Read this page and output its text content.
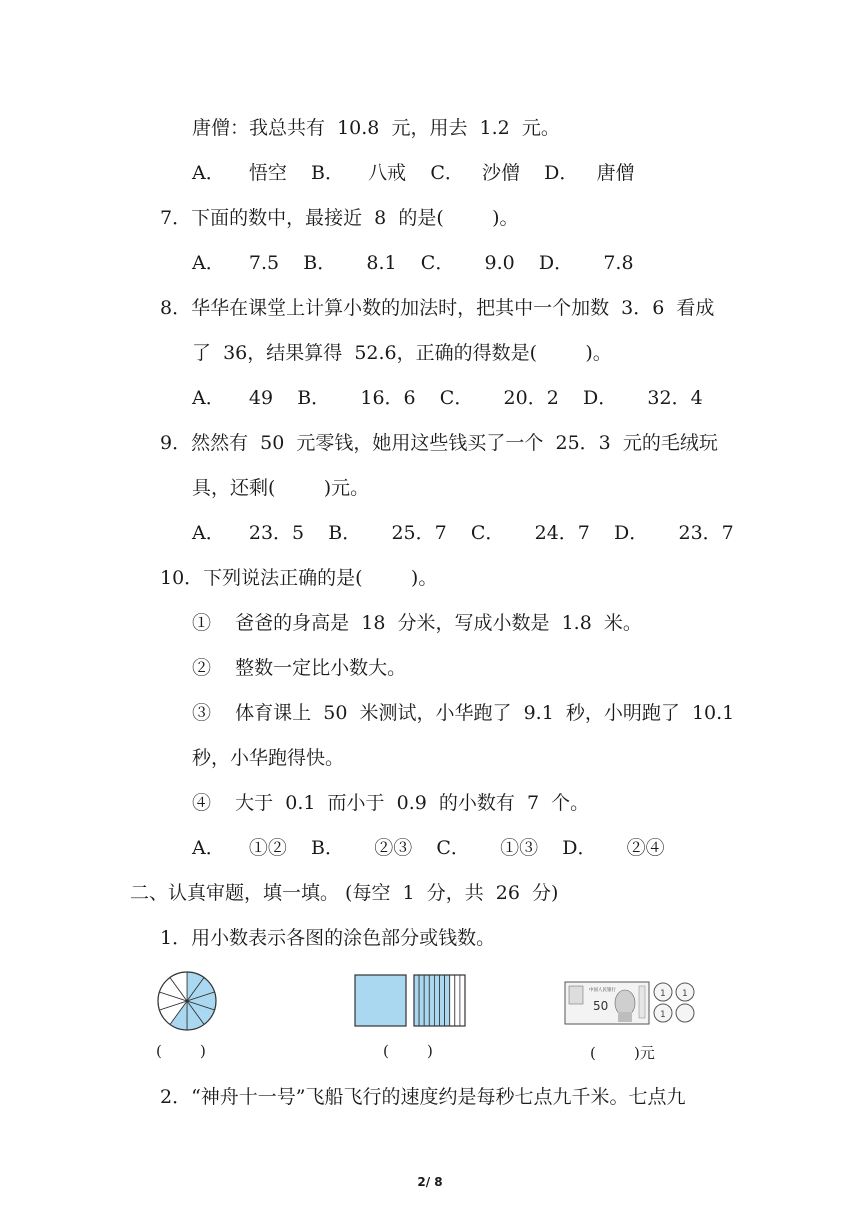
唐僧：我总共有  10.8  元，用去  1.2  元。
A．    悟空    B．    八戒    C．   沙僧    D．   唐僧
7．下面的数中，最接近  8  的是(        )。
A．    7.5    B．     8.1    C．     9.0    D．     7.8
8．华华在课堂上计算小数的加法时，把其中一个加数  3．6  看成
了  36，结果算得  52.6，正确的得数是(        )。
A．    49    B．     16．6    C．     20．2    D．     32．4
9．然然有  50  元零钱，她用这些钱买了一个  25．3  元的毛绒玩
具，还剩(        )元。
A．    23．5    B．     25．7    C．     24．7    D．     23．7
10．下列说法正确的是(        )。
①    爸爸的身高是  18  分米，写成小数是  1.8  米。
②    整数一定比小数大。
③    体育课上  50  米测试，小华跑了  9.1  秒，小明跑了  10.1
秒，小华跑得快。
④    大于  0.1  而小于  0.9  的小数有  7  个。
A．    ①②    B．     ②③    C．     ①③    D．     ②④
二、认真审题，填一填。 (每空  1  分，共  26  分)
1．用小数表示各图的涂色部分或钱数。
50
中国人民银行	1 1
1
(        )	(        )	(        )元
2．“神舟十一号”飞船飞行的速度约是每秒七点九千米。七点九
2/ 8
